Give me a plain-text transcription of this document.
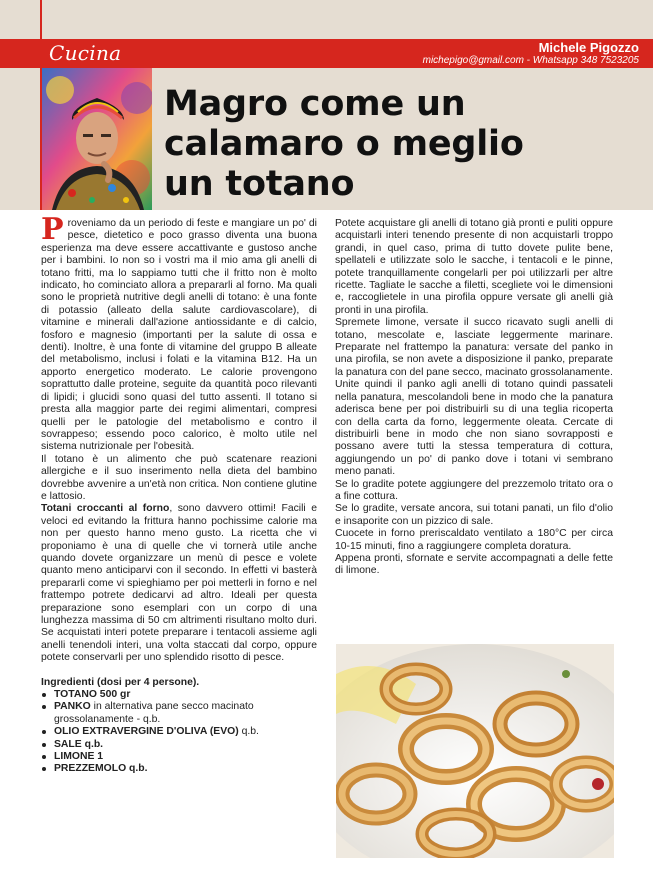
Cucina	Michele Pigozzo
michepigo@gmail.com - Whatsapp 348 7523205
Magro come un
calamaro o meglio
un totano

Proveniamo da un periodo di feste e mangiare un po' di pesce, dietetico e poco grasso diventa una buona esperienza ma deve essere accattivante e gustoso anche per i bambini. Io non so i vostri ma il mio ama gli anelli di totano fritti, ma lo sappiamo tutti che il fritto non è molto indicato, ho cominciato allora a prepararli al forno. Ma quali sono le proprietà nutritive degli anelli di totano: è una fonte di potassio (alleato della salute cardiovascolare), di vitamine e minerali dall'azione antiossidante e di calcio, fosforo e magnesio (importanti per la salute di ossa e denti). Inoltre, è una fonte di vitamine del gruppo B alleate del metabolismo, inclusi i folati e la vitamina B12. Ha un apporto energetico moderato. Le calorie provengono soprattutto dalle proteine, seguite da quantità poco rilevanti di lipidi; i glucidi sono quasi del tutto assenti. Il totano si presta alla maggior parte dei regimi alimentari, compresi quelli per le patologie del metabolismo e contro il sovrappeso; essendo poco calorico, è molto utile nel sistema nutrizionale per l'obesità.

Il totano è un alimento che può scatenare reazioni allergiche e il suo inserimento nella dieta del bambino dovrebbe avvenire a un'età non critica. Non contiene glutine e lattosio.

Totani croccanti al forno, sono davvero ottimi! Facili e veloci ed evitando la frittura hanno pochissime calorie ma non per questo hanno meno gusto. La ricetta che vi proponiamo è una di quelle che vi tornerà utile anche quando dovete organizzare un menù di pesce e volete quanto meno anticiparvi con il secondo. In effetti vi basterà prepararli come vi spieghiamo per poi metterli in forno e nel frattempo potrete dedicarvi ad altro. Ideali per questa preparazione sono esemplari con un corpo di una lunghezza massima di 50 cm altrimenti risultano molto duri. Se acquistati interi potete preparare i tentacoli assieme agli anelli tenendoli interi, una volta staccati dal corpo, oppure potete conservarli per uno splendido risotto di pesce.

Ingredienti (dosi per 4 persone).

TOTANO 500 gr
PANKO in alternativa pane secco macinato grossolanamente - q.b.
OLIO EXTRAVERGINE D'OLIVA (EVO) q.b.
SALE q.b.
LIMONE 1
PREZZEMOLO q.b.

Potete acquistare gli anelli di totano già pronti e puliti oppure acquistarli interi tenendo presente di non acquistarli troppo grandi, in quel caso, prima di tutto dovete pulite bene, spellateli e utilizzate solo le sacche, i tentacoli e le pinne, potete tranquillamente congelarli per poi utilizzarli per altre ricette. Tagliate le sacche a filetti, scegliete voi le dimensioni e, raccoglietele in una pirofila oppure versate gli anelli già pronti in una pirofila.

Spremete limone, versate il succo ricavato sugli anelli di totano, mescolate e, lasciate leggermente marinare. Preparate nel frattempo la panatura: versate del panko in una pirofila, se non avete a disposizione il panko, preparate la panatura con del pane secco, macinato grossolanamente.

Unite quindi il panko agli anelli di totano quindi passateli nella panatura, mescolandoli bene in modo che la panatura aderisca bene per poi distribuirli su di una teglia ricoperta con della carta da forno, leggermente oleata. Cercate di distribuirli bene in modo che non siano sovrapposti e possano avere tutti la stessa temperatura di cottura, aggiungendo un po' di panko dove i totani vi sembrano meno panati.

Se lo gradite potete aggiungere del prezzemolo tritato ora o a fine cottura.

Se lo gradite, versate ancora, sui totani panati, un filo d'olio e insaporite con un pizzico di sale.

Cuocete in forno preriscaldato ventilato a 180°C per circa 10-15 minuti, fino a raggiungere completa doratura.

Appena pronti, sfornate e servite accompagnati a delle fette di limone.
